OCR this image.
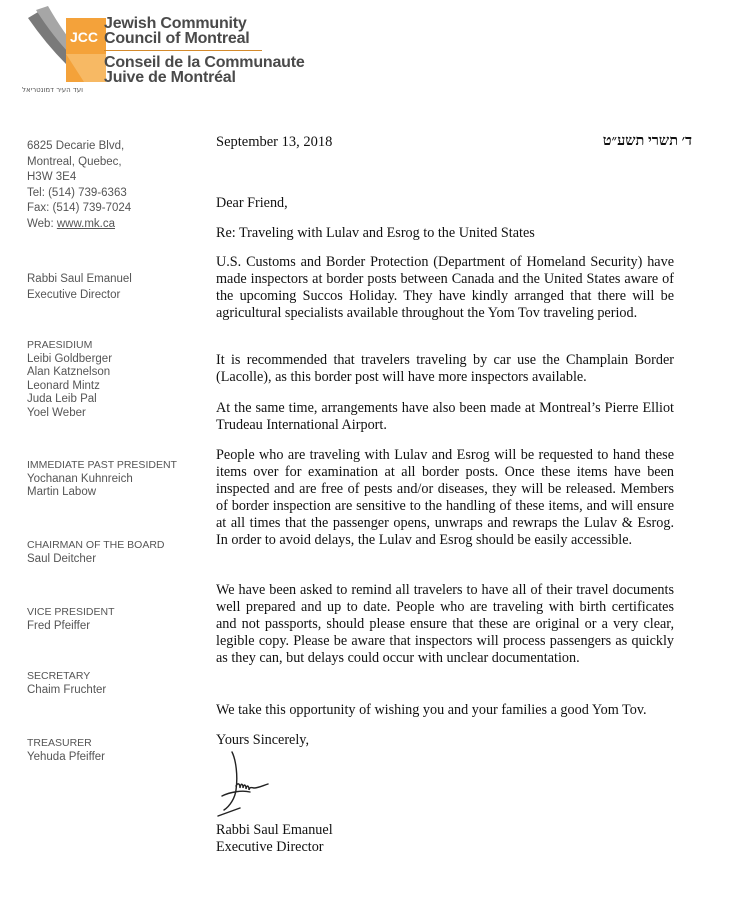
JCC
ועד העיר דמונטריאל
Jewish Community
Council of Montreal
Conseil de la Communaute
Juive de Montréal
6825 Decarie Blvd,
Montreal, Quebec,
H3W 3E4
Tel: (514) 739-6363
Fax: (514) 739-7024
Web: www.mk.ca
Rabbi Saul Emanuel
Executive Director
PRAESIDIUM
Leibi Goldberger
Alan Katznelson
Leonard Mintz
Juda Leib Pal
Yoel Weber
IMMEDIATE PAST PRESIDENT
Yochanan Kuhnreich
Martin Labow
CHAIRMAN OF THE BOARD
Saul Deitcher
VICE PRESIDENT
Fred Pfeiffer
SECRETARY
Chaim Fruchter
TREASURER
Yehuda Pfeiffer
September 13, 2018	ד׳ תשרי תשע״ט

Dear Friend,

Re: Traveling with Lulav and Esrog to the United States

U.S. Customs and Border Protection (Department of Homeland Security) have made inspectors at border posts between Canada and the United States aware of the upcoming Succos Holiday. They have kindly arranged that there will be agricultural specialists available throughout the Yom Tov traveling period.

It is recommended that travelers traveling by car use the Champlain Border (Lacolle), as this border post will have more inspectors available.

At the same time, arrangements have also been made at Montreal’s Pierre Elliot Trudeau International Airport.

People who are traveling with Lulav and Esrog will be requested to hand these items over for examination at all border posts. Once these items have been inspected and are free of pests and/or diseases, they will be released. Members of border inspection are sensitive to the handling of these items, and will ensure at all times that the passenger opens, unwraps and rewraps the Lulav & Esrog. In order to avoid delays, the Lulav and Esrog should be easily accessible.

We have been asked to remind all travelers to have all of their travel documents well prepared and up to date. People who are traveling with birth certificates and not passports, should please ensure that these are original or a very clear, legible copy. Please be aware that inspectors will process passengers as quickly as they can, but delays could occur with unclear documentation.

We take this opportunity of wishing you and your families a good Yom Tov.

Yours Sincerely,

Rabbi Saul Emanuel

Executive Director
